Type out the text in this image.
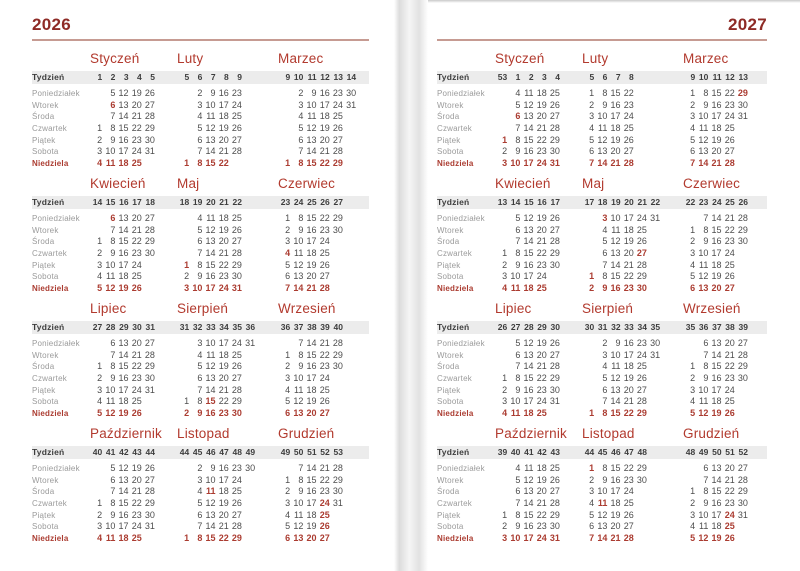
2026
Tydzień
Poniedziałek
Wtorek
Środa
Czwartek
Piątek
Sobota
Niedziela
Styczeń
1 2 3 4 5
5 12 19 26
6 13 20 27
7 14 21 28
1 8 15 22 29
2 9 16 23 30
3 10 17 24 31
4 11 18 25
Luty
5 6 7 8 9
2 9 16 23
3 10 17 24
4 11 18 25
5 12 19 26
6 13 20 27
7 14 21 28
1 8 15 22
Marzec
9 10 11 12 13 14
2 9 16 23 30
3 10 17 24 31
4 11 18 25
5 12 19 26
6 13 20 27
7 14 21 28
1 8 15 22 29
Tydzień
Poniedziałek
Wtorek
Środa
Czwartek
Piątek
Sobota
Niedziela
Kwiecień
14 15 16 17 18
6 13 20 27
7 14 21 28
1 8 15 22 29
2 9 16 23 30
3 10 17 24
4 11 18 25
5 12 19 26
Maj
18 19 20 21 22
4 11 18 25
5 12 19 26
6 13 20 27
7 14 21 28
1 8 15 22 29
2 9 16 23 30
3 10 17 24 31
Czerwiec
23 24 25 26 27
1 8 15 22 29
2 9 16 23 30
3 10 17 24
4 11 18 25
5 12 19 26
6 13 20 27
7 14 21 28
Tydzień
Poniedziałek
Wtorek
Środa
Czwartek
Piątek
Sobota
Niedziela
Lipiec
27 28 29 30 31
6 13 20 27
7 14 21 28
1 8 15 22 29
2 9 16 23 30
3 10 17 24 31
4 11 18 25
5 12 19 26
Sierpień
31 32 33 34 35 36
3 10 17 24 31
4 11 18 25
5 12 19 26
6 13 20 27
7 14 21 28
1 8 15 22 29
2 9 16 23 30
Wrzesień
36 37 38 39 40
7 14 21 28
1 8 15 22 29
2 9 16 23 30
3 10 17 24
4 11 18 25
5 12 19 26
6 13 20 27
Tydzień
Poniedziałek
Wtorek
Środa
Czwartek
Piątek
Sobota
Niedziela
Październik
40 41 42 43 44
5 12 19 26
6 13 20 27
7 14 21 28
1 8 15 22 29
2 9 16 23 30
3 10 17 24 31
4 11 18 25
Listopad
44 45 46 47 48 49
2 9 16 23 30
3 10 17 24
4 11 18 25
5 12 19 26
6 13 20 27
7 14 21 28
1 8 15 22 29
Grudzień
49 50 51 52 53
7 14 21 28
1 8 15 22 29
2 9 16 23 30
3 10 17 24 31
4 11 18 25
5 12 19 26
6 13 20 27
2027
Tydzień
Poniedziałek
Wtorek
Środa
Czwartek
Piątek
Sobota
Niedziela
Styczeń
53 1 2 3 4
4 11 18 25
5 12 19 26
6 13 20 27
7 14 21 28
1 8 15 22 29
2 9 16 23 30
3 10 17 24 31
Luty
5 6 7 8
1 8 15 22
2 9 16 23
3 10 17 24
4 11 18 25
5 12 19 26
6 13 20 27
7 14 21 28
Marzec
9 10 11 12 13
1 8 15 22 29
2 9 16 23 30
3 10 17 24 31
4 11 18 25
5 12 19 26
6 13 20 27
7 14 21 28
Tydzień
Poniedziałek
Wtorek
Środa
Czwartek
Piątek
Sobota
Niedziela
Kwiecień
13 14 15 16 17
5 12 19 26
6 13 20 27
7 14 21 28
1 8 15 22 29
2 9 16 23 30
3 10 17 24
4 11 18 25
Maj
17 18 19 20 21 22
3 10 17 24 31
4 11 18 25
5 12 19 26
6 13 20 27
7 14 21 28
1 8 15 22 29
2 9 16 23 30
Czerwiec
22 23 24 25 26
7 14 21 28
1 8 15 22 29
2 9 16 23 30
3 10 17 24
4 11 18 25
5 12 19 26
6 13 20 27
Tydzień
Poniedziałek
Wtorek
Środa
Czwartek
Piątek
Sobota
Niedziela
Lipiec
26 27 28 29 30
5 12 19 26
6 13 20 27
7 14 21 28
1 8 15 22 29
2 9 16 23 30
3 10 17 24 31
4 11 18 25
Sierpień
30 31 32 33 34 35
2 9 16 23 30
3 10 17 24 31
4 11 18 25
5 12 19 26
6 13 20 27
7 14 21 28
1 8 15 22 29
Wrzesień
35 36 37 38 39
6 13 20 27
7 14 21 28
1 8 15 22 29
2 9 16 23 30
3 10 17 24
4 11 18 25
5 12 19 26
Tydzień
Poniedziałek
Wtorek
Środa
Czwartek
Piątek
Sobota
Niedziela
Październik
39 40 41 42 43
4 11 18 25
5 12 19 26
6 13 20 27
7 14 21 28
1 8 15 22 29
2 9 16 23 30
3 10 17 24 31
Listopad
44 45 46 47 48
1 8 15 22 29
2 9 16 23 30
3 10 17 24
4 11 18 25
5 12 19 26
6 13 20 27
7 14 21 28
Grudzień
48 49 50 51 52
6 13 20 27
7 14 21 28
1 8 15 22 29
2 9 16 23 30
3 10 17 24 31
4 11 18 25
5 12 19 26
